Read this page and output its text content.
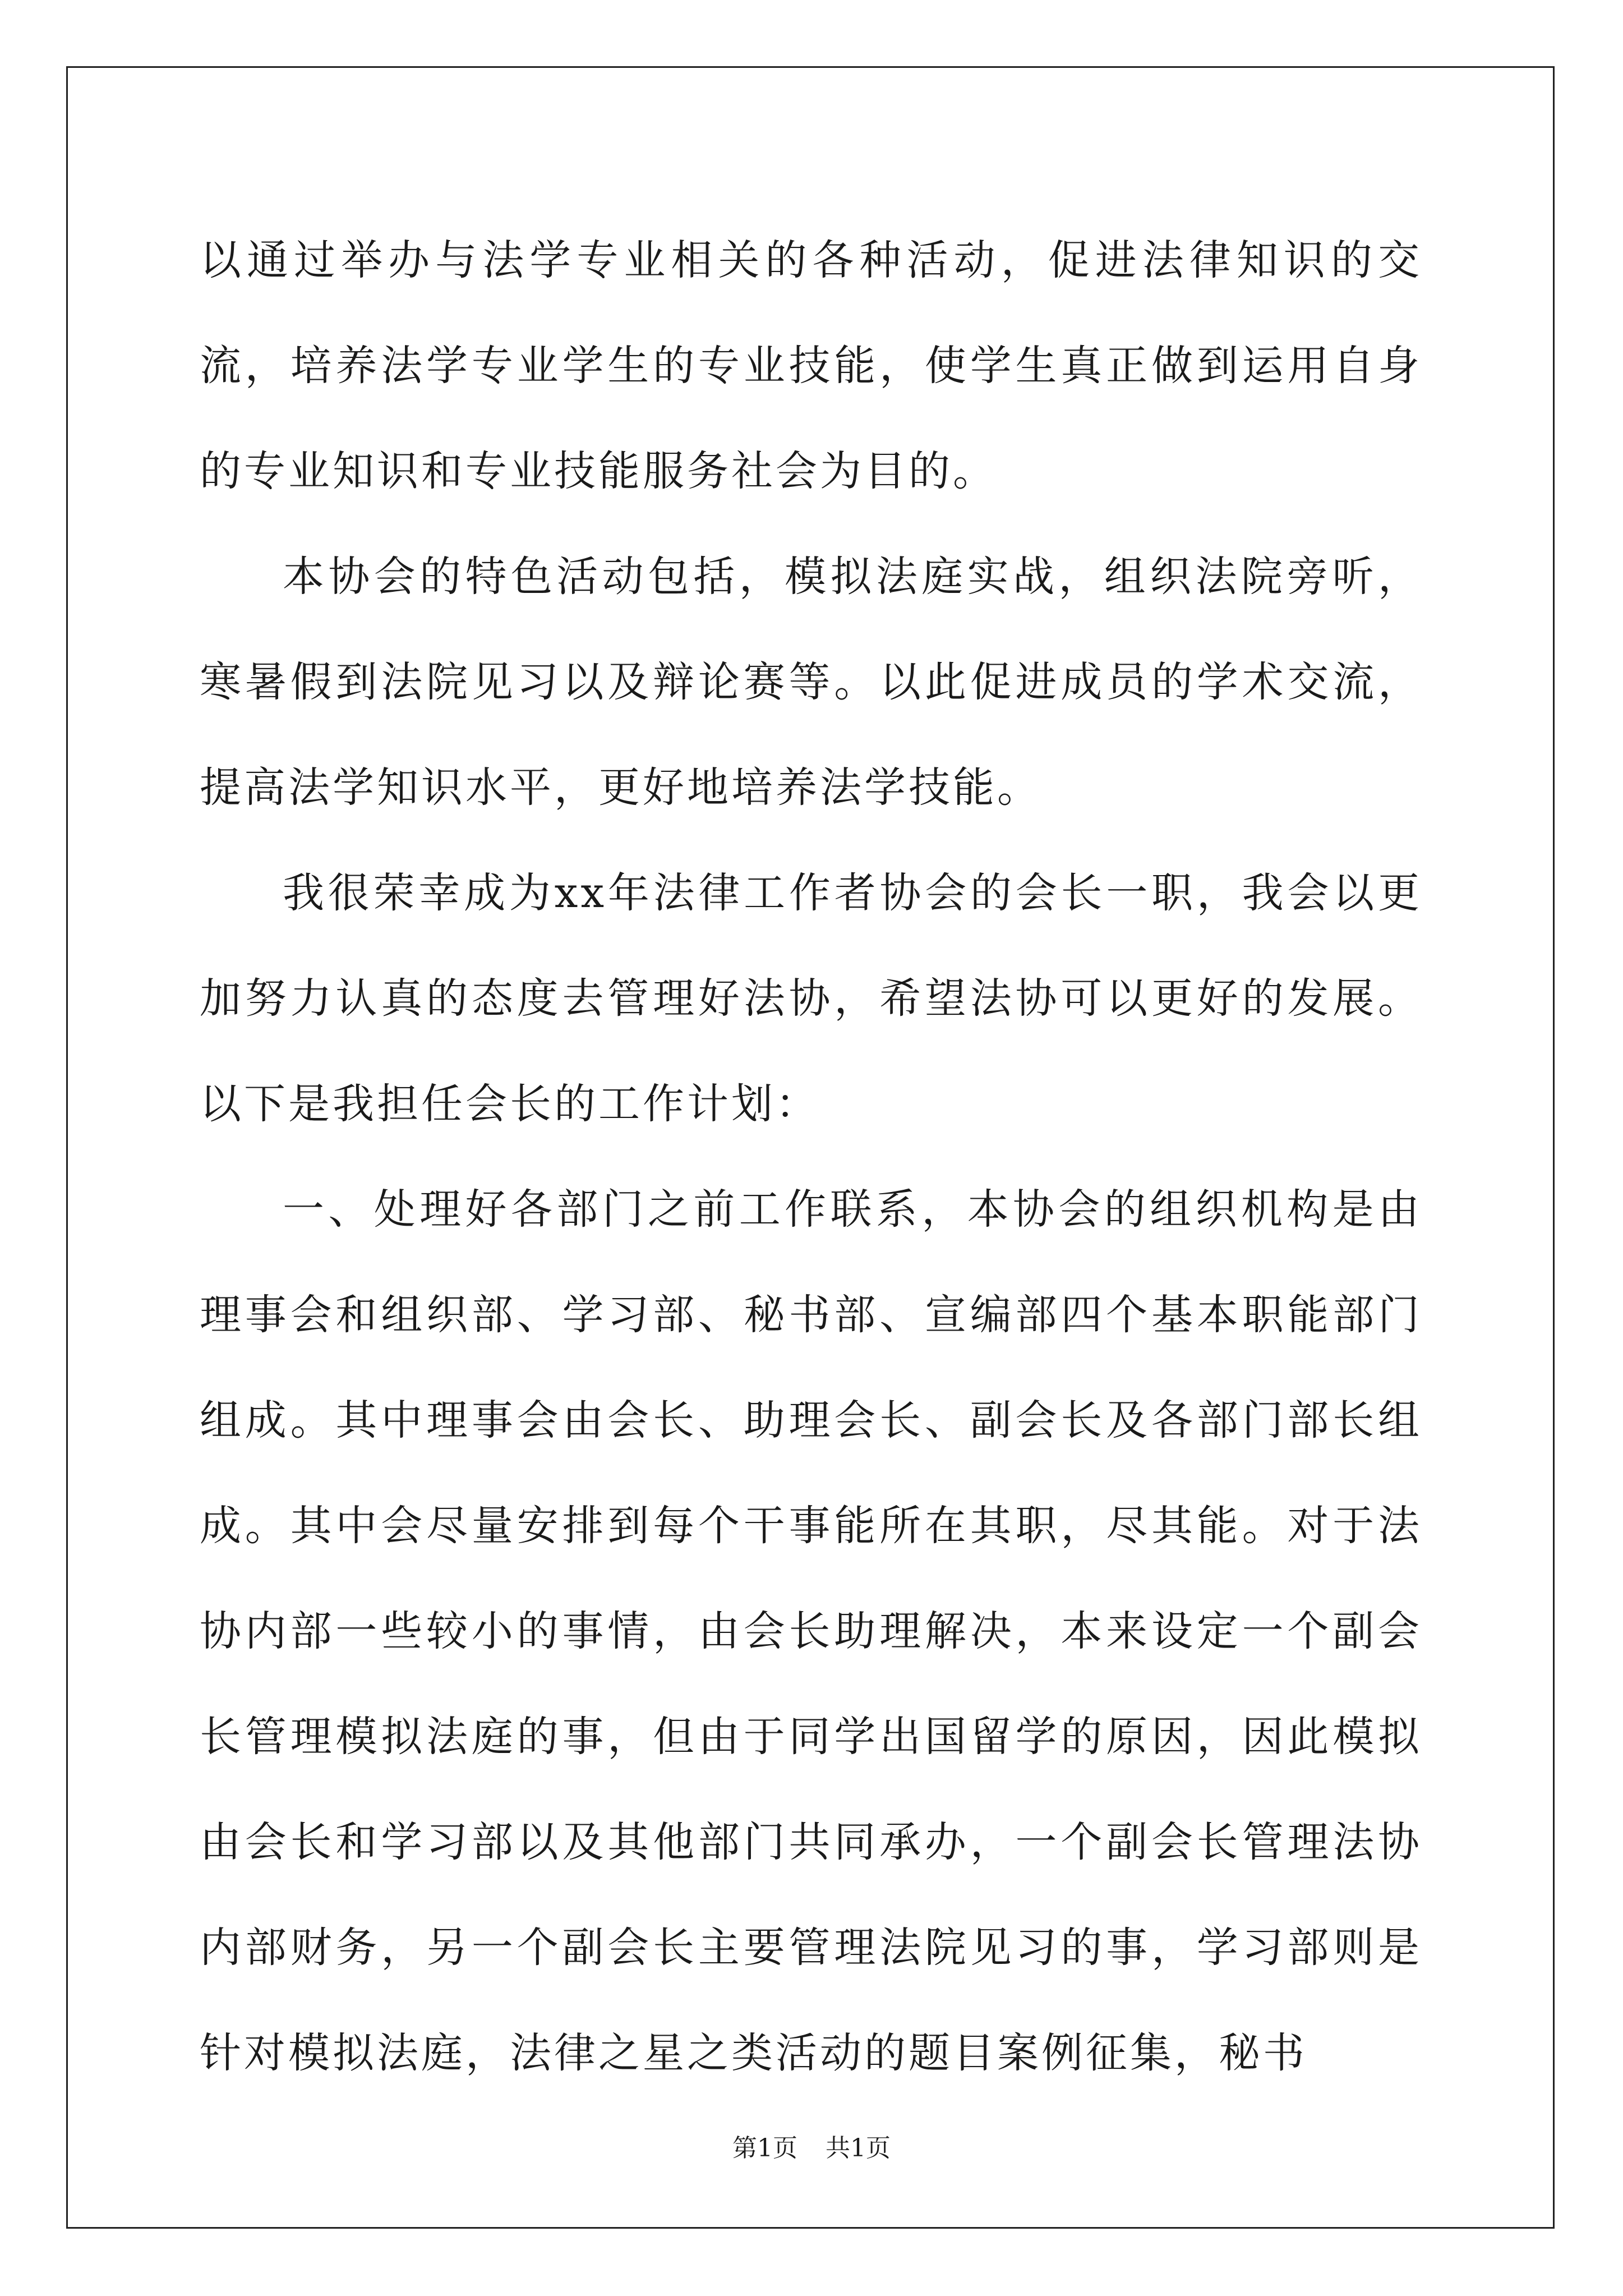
以通过举办与法学专业相关的各种活动，促进法律知识的交流，培养法学专业学生的专业技能，使学生真正做到运用自身的专业知识和专业技能服务社会为目的。

本协会的特色活动包括，模拟法庭实战，组织法院旁听，寒暑假到法院见习以及辩论赛等。以此促进成员的学术交流，提高法学知识水平，更好地培养法学技能。

我很荣幸成为xx年法律工作者协会的会长一职，我会以更加努力认真的态度去管理好法协，希望法协可以更好的发展。以下是我担任会长的工作计划：

一、处理好各部门之前工作联系，本协会的组织机构是由理事会和组织部、学习部、秘书部、宣编部四个基本职能部门组成。其中理事会由会长、助理会长、副会长及各部门部长组成。其中会尽量安排到每个干事能所在其职，尽其能。对于法协内部一些较小的事情，由会长助理解决，本来设定一个副会长管理模拟法庭的事，但由于同学出国留学的原因，因此模拟由会长和学习部以及其他部门共同承办，一个副会长管理法协内部财务，另一个副会长主要管理法院见习的事，学习部则是针对模拟法庭，法律之星之类活动的题目案例征集，秘书

第1页 共1页
